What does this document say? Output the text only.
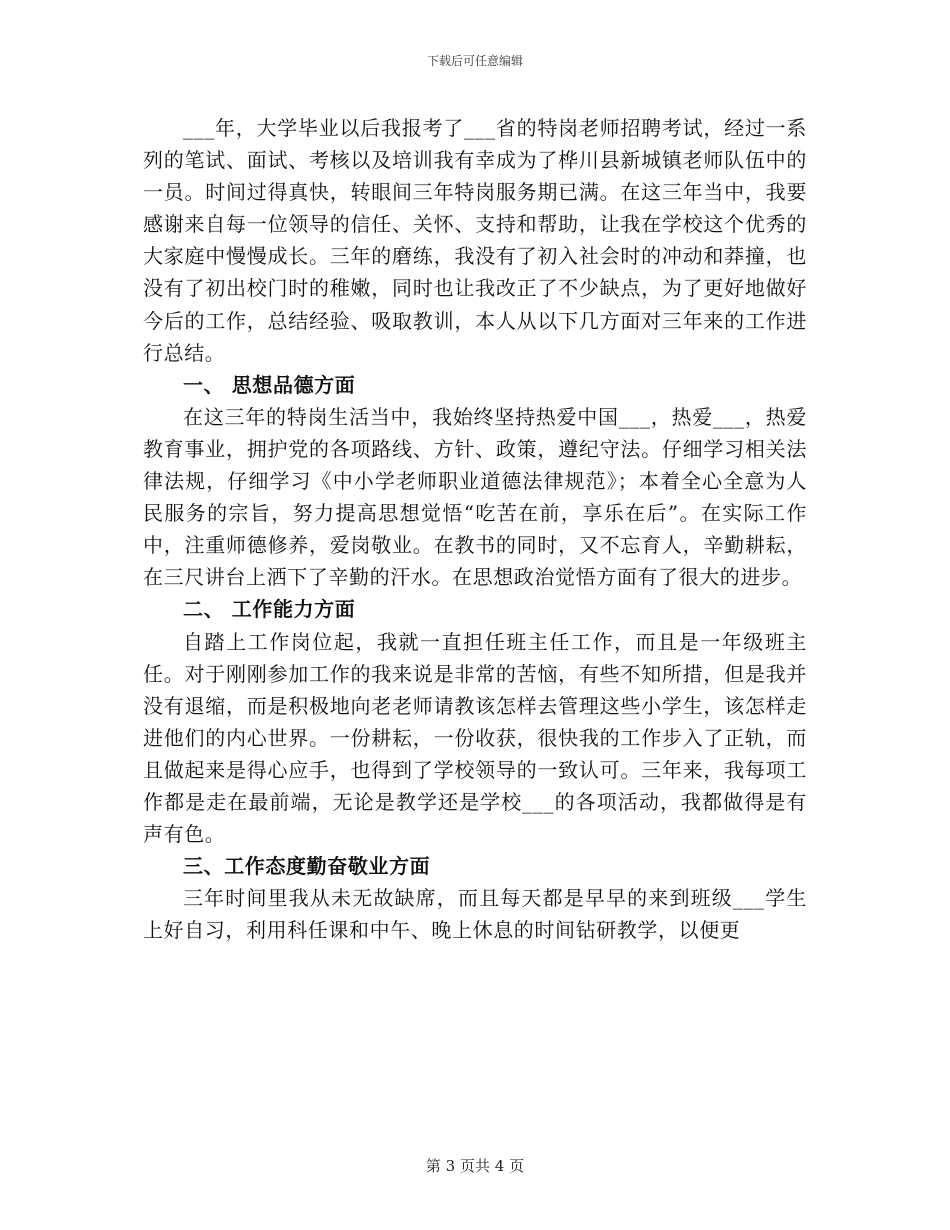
下载后可任意编辑

___年，大学毕业以后我报考了___省的特岗老师招聘考试，经过一系列的笔试、面试、考核以及培训我有幸成为了桦川县新城镇老师队伍中的一员。时间过得真快，转眼间三年特岗服务期已满。在这三年当中，我要感谢来自每一位领导的信任、关怀、支持和帮助，让我在学校这个优秀的大家庭中慢慢成长。三年的磨练，我没有了初入社会时的冲动和莽撞，也没有了初出校门时的稚嫩，同时也让我改正了不少缺点，为了更好地做好今后的工作，总结经验、吸取教训，本人从以下几方面对三年来的工作进行总结。

一、 思想品德方面

在这三年的特岗生活当中，我始终坚持热爱中国___，热爱___，热爱教育事业，拥护党的各项路线、方针、政策，遵纪守法。仔细学习相关法律法规，仔细学习《中小学老师职业道德法律规范》；本着全心全意为人民服务的宗旨，努力提高思想觉悟“吃苦在前，享乐在后”。在实际工作中，注重师德修养，爱岗敬业。在教书的同时，又不忘育人，辛勤耕耘，在三尺讲台上洒下了辛勤的汗水。在思想政治觉悟方面有了很大的进步。

二、 工作能力方面

自踏上工作岗位起，我就一直担任班主任工作，而且是一年级班主任。对于刚刚参加工作的我来说是非常的苦恼，有些不知所措，但是我并没有退缩，而是积极地向老老师请教该怎样去管理这些小学生，该怎样走进他们的内心世界。一份耕耘，一份收获，很快我的工作步入了正轨，而且做起来是得心应手，也得到了学校领导的一致认可。三年来，我每项工作都是走在最前端，无论是教学还是学校___的各项活动，我都做得是有声有色。

三、工作态度勤奋敬业方面

三年时间里我从未无故缺席，而且每天都是早早的来到班级___学生上好自习，利用科任课和中午、晚上休息的时间钻研教学，以便更

第 3 页共 4 页
